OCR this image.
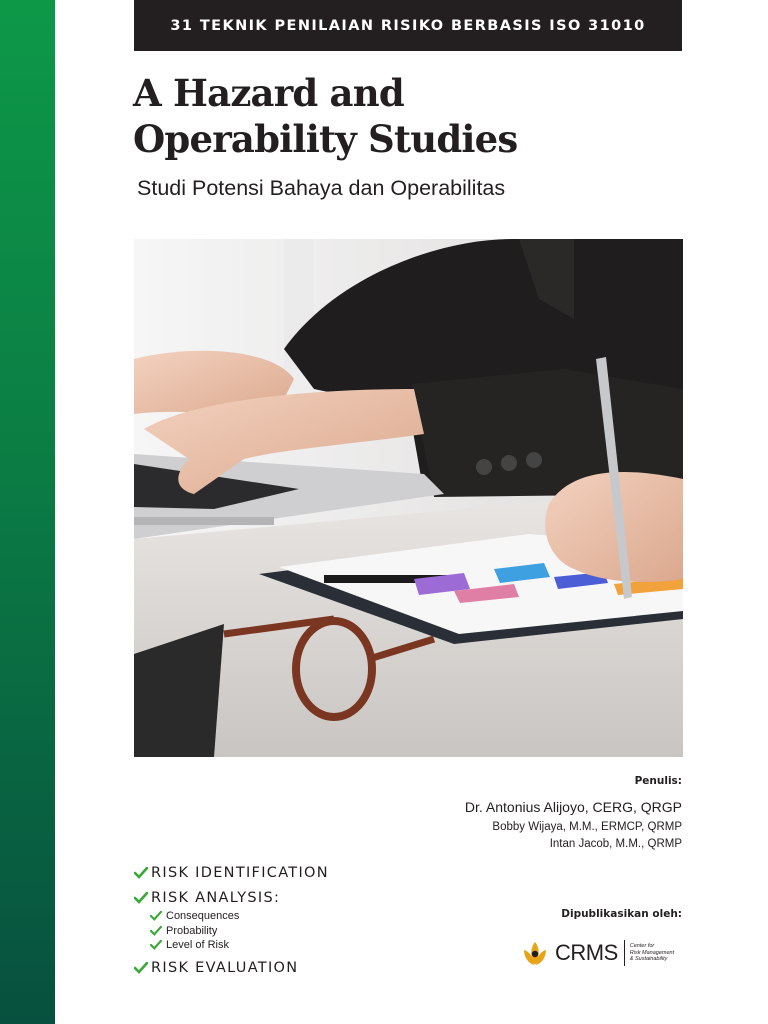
31 TEKNIK PENILAIAN RISIKO BERBASIS ISO 31010
A Hazard and
Operability Studies
Studi Potensi Bahaya dan Operabilitas
Penulis:
Dr. Antonius Alijoyo, CERG, QRGP
Bobby Wijaya, M.M., ERMCP, QRMP
Intan Jacob, M.M., QRMP
RISK IDENTIFICATION
RISK ANALYSIS:
Consequences
Probability
Level of Risk
RISK EVALUATION
Dipublikasikan oleh:
CRMS Center for
Risk Management
& Sustainability
